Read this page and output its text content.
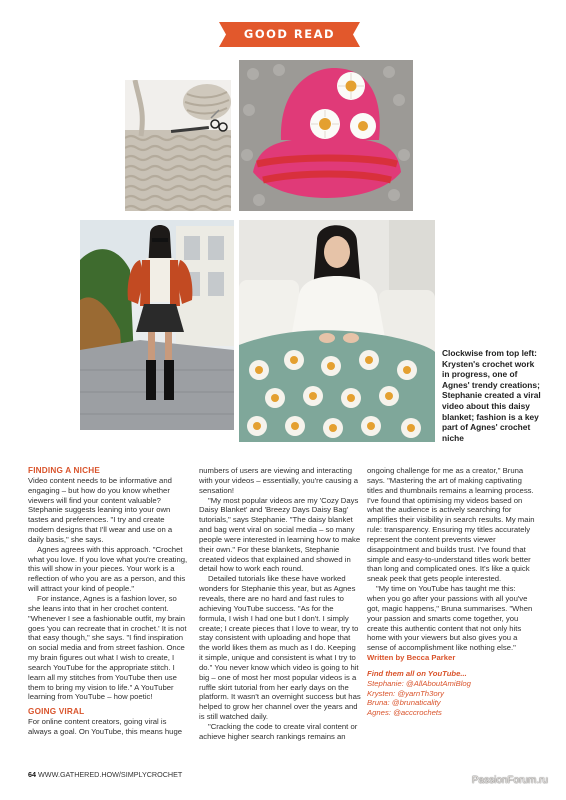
GOOD READ
Clockwise from top left: Krysten's crochet work in progress, one of Agnes' trendy creations; Stephanie created a viral video about this daisy blanket; fashion is a key part of Agnes' crochet niche
FINDING A NICHE

Video content needs to be informative and engaging – but how do you know whether viewers will find your content valuable? Stephanie suggests leaning into your own tastes and preferences. "I try and create modern designs that I'll wear and use on a daily basis," she says.

Agnes agrees with this approach. "Crochet what you love. If you love what you're creating, this will show in your pieces. Your work is a reflection of who you are as a person, and this will attract your kind of people."

For instance, Agnes is a fashion lover, so she leans into that in her crochet content. "Whenever I see a fashionable outfit, my brain goes 'you can recreate that in crochet.' It is not that easy though," she says. "I find inspiration on social media and from street fashion. Once my brain figures out what I wish to create, I search YouTube for the appropriate stitch. I learn all my stitches from YouTube then use them to bring my vision to life." A YouTuber learning from YouTube – how poetic!

GOING VIRAL

For online content creators, going viral is always a goal. On YouTube, this means huge

numbers of users are viewing and interacting with your videos – essentially, you're causing a sensation!

"My most popular videos are my 'Cozy Days Daisy Blanket' and 'Breezy Days Daisy Bag' tutorials," says Stephanie. "The daisy blanket and bag went viral on social media – so many people were interested in learning how to make their own." For these blankets, Stephanie created videos that explained and showed in detail how to work each round.

Detailed tutorials like these have worked wonders for Stephanie this year, but as Agnes reveals, there are no hard and fast rules to achieving YouTube success. "As for the formula, I wish I had one but I don't. I simply create; I create pieces that I love to wear, try to stay consistent with uploading and hope that the world likes them as much as I do. Keeping it simple, unique and consistent is what I try to do." You never know which video is going to hit big – one of most her most popular videos is a ruffle skirt tutorial from her early days on the platform. It wasn't an overnight success but has helped to grow her channel over the years and is still watched daily.

"Cracking the code to create viral content or achieve higher search rankings remains an

ongoing challenge for me as a creator," Bruna says. "Mastering the art of making captivating titles and thumbnails remains a learning process. I've found that optimising my videos based on what the audience is actively searching for amplifies their visibility in search results. My main rule: transparency. Ensuring my titles accurately represent the content prevents viewer disappointment and builds trust. I've found that simple and easy-to-understand titles work better than long and complicated ones. It's like a quick sneak peek that gets people interested.

"My time on YouTube has taught me this: when you go after your passions with all you've got, magic happens," Bruna summarises. "When your passion and smarts come together, you create this authentic content that not only hits home with your viewers but also gives you a sense of accomplishment like nothing else."

Written by Becca Parker
Find them all on YouTube...
Stephanie: @AllAboutAmiBlog
Krysten: @yarnTh3ory
Bruna: @brunaticality
Agnes: @acccrochets
64 WWW.GATHERED.HOW/SIMPLYCROCHET
PassionForum.ru
